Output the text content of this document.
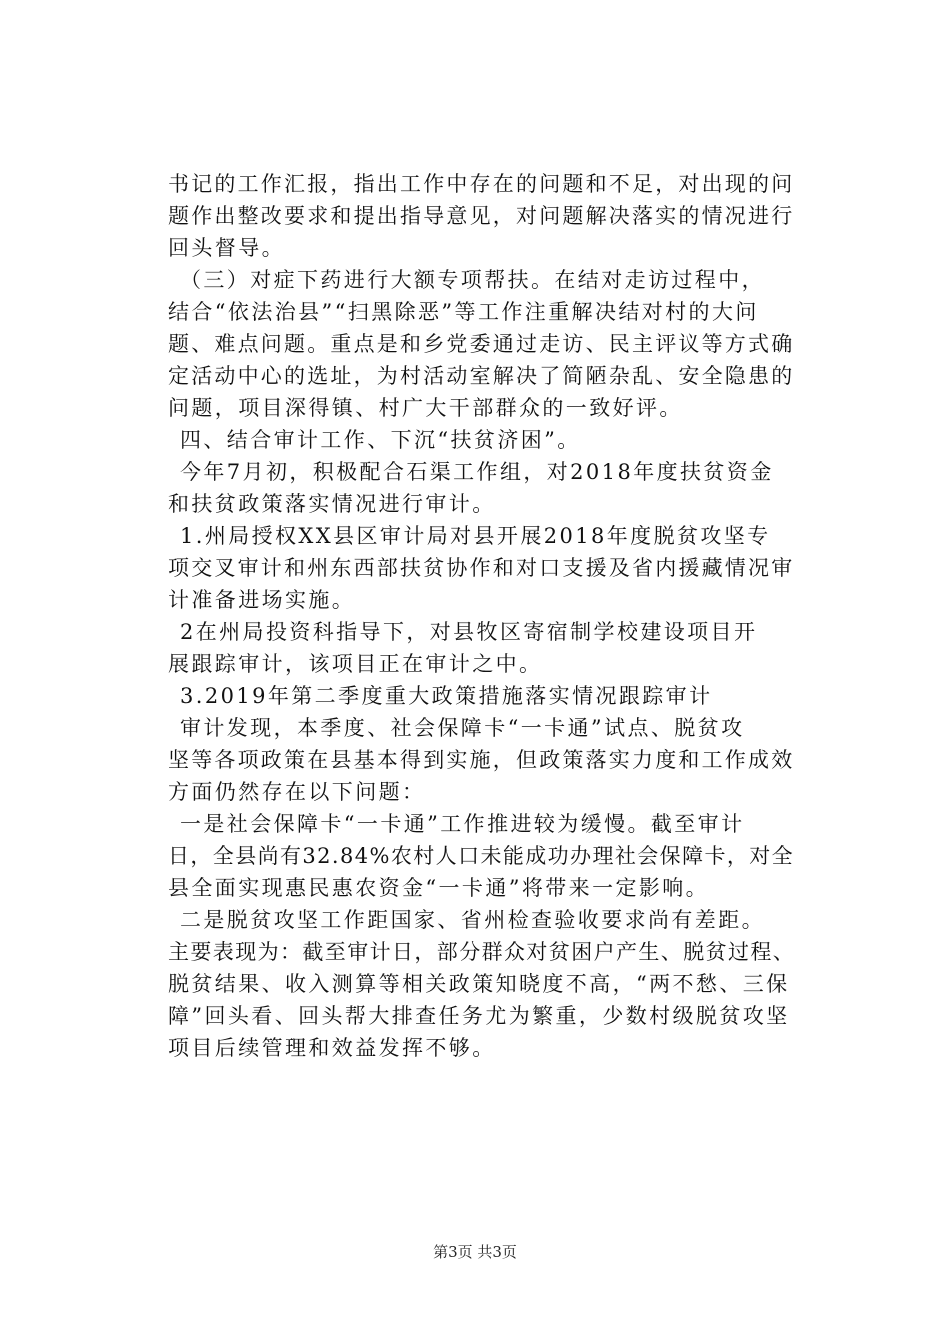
书记的工作汇报，指出工作中存在的问题和不足，对出现的问
题作出整改要求和提出指导意见，对问题解决落实的情况进行
回头督导。
（三）对症下药进行大额专项帮扶。在结对走访过程中，
结合“依法治县”“扫黑除恶”等工作注重解决结对村的大问
题、难点问题。重点是和乡党委通过走访、民主评议等方式确
定活动中心的选址，为村活动室解决了简陋杂乱、安全隐患的
问题，项目深得镇、村广大干部群众的一致好评。
四、结合审计工作、下沉“扶贫济困”。
今年7月初，积极配合石渠工作组，对2018年度扶贫资金
和扶贫政策落实情况进行审计。
1.州局授权XX县区审计局对县开展2018年度脱贫攻坚专
项交叉审计和州东西部扶贫协作和对口支援及省内援藏情况审
计准备进场实施。
2在州局投资科指导下，对县牧区寄宿制学校建设项目开
展跟踪审计，该项目正在审计之中。
3.2019年第二季度重大政策措施落实情况跟踪审计
审计发现，本季度、社会保障卡“一卡通”试点、脱贫攻
坚等各项政策在县基本得到实施，但政策落实力度和工作成效
方面仍然存在以下问题：
一是社会保障卡“一卡通”工作推进较为缓慢。截至审计
日，全县尚有32.84%农村人口未能成功办理社会保障卡，对全
县全面实现惠民惠农资金“一卡通”将带来一定影响。
二是脱贫攻坚工作距国家、省州检查验收要求尚有差距。
主要表现为：截至审计日，部分群众对贫困户产生、脱贫过程、
脱贫结果、收入测算等相关政策知晓度不高，“两不愁、三保
障”回头看、回头帮大排查任务尤为繁重，少数村级脱贫攻坚
项目后续管理和效益发挥不够。
第3页 共3页
